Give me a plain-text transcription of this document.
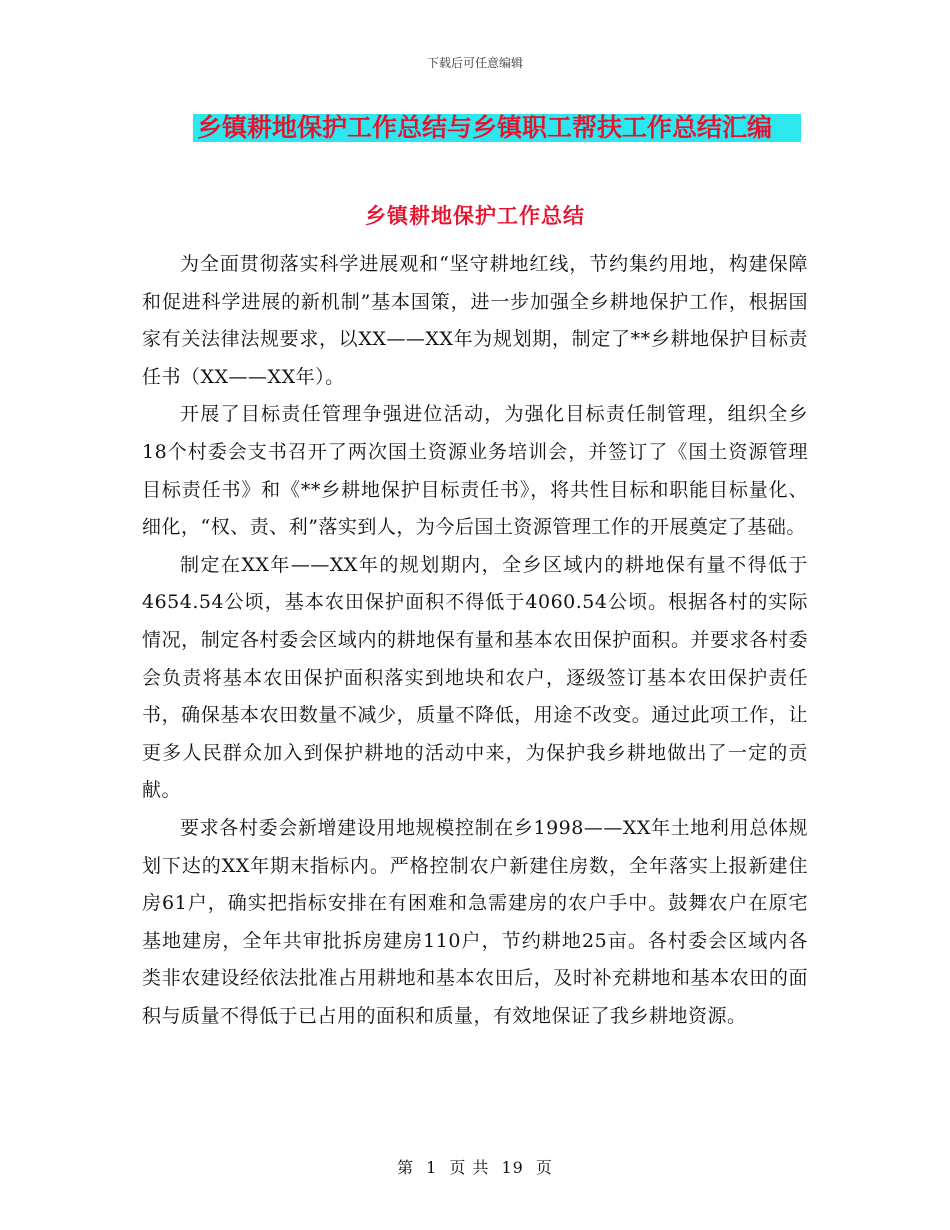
下载后可任意编辑
乡镇耕地保护工作总结与乡镇职工帮扶工作总结汇编
乡镇耕地保护工作总结

为全面贯彻落实科学进展观和“坚守耕地红线，节约集约用地，构建保障和促进科学进展的新机制”基本国策，进一步加强全乡耕地保护工作，根据国家有关法律法规要求，以XX——XX年为规划期，制定了**乡耕地保护目标责任书（XX——XX年）。

开展了目标责任管理争强进位活动，为强化目标责任制管理，组织全乡18个村委会支书召开了两次国土资源业务培训会，并签订了《国土资源管理目标责任书》和《**乡耕地保护目标责任书》，将共性目标和职能目标量化、细化，“权、责、利”落实到人，为今后国土资源管理工作的开展奠定了基础。

制定在XX年——XX年的规划期内，全乡区域内的耕地保有量不得低于4654.54公顷，基本农田保护面积不得低于4060.54公顷。根据各村的实际情况，制定各村委会区域内的耕地保有量和基本农田保护面积。并要求各村委会负责将基本农田保护面积落实到地块和农户，逐级签订基本农田保护责任书，确保基本农田数量不减少，质量不降低，用途不改变。通过此项工作，让更多人民群众加入到保护耕地的活动中来，为保护我乡耕地做出了一定的贡献。

要求各村委会新增建设用地规模控制在乡1998——XX年土地利用总体规划下达的XX年期末指标内。严格控制农户新建住房数，全年落实上报新建住房61户，确实把指标安排在有困难和急需建房的农户手中。鼓舞农户在原宅基地建房，全年共审批拆房建房110户，节约耕地25亩。各村委会区域内各类非农建设经依法批准占用耕地和基本农田后，及时补充耕地和基本农田的面积与质量不得低于已占用的面积和质量，有效地保证了我乡耕地资源。

第 1 页 共 19 页
